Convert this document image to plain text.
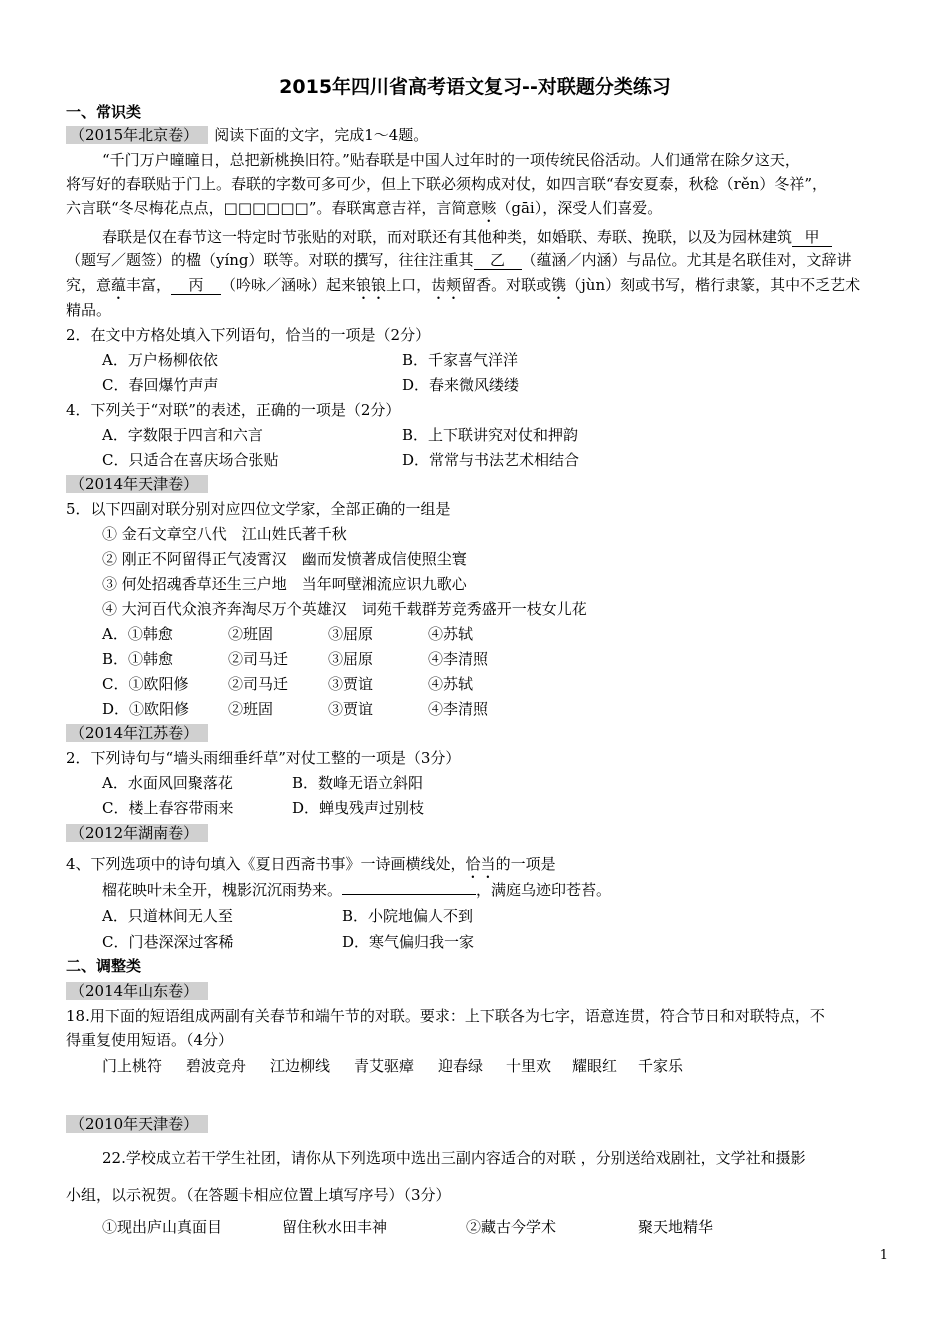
2015年四川省高考语文复习--对联题分类练习
一、常识类
（2015年北京卷） 阅读下面的文字，完成1～4题。
“千门万户曈曈日，总把新桃换旧符。”贴春联是中国人过年时的一项传统民俗活动。人们通常在除夕这天，
将写好的春联贴于门上。春联的字数可多可少，但上下联必须构成对仗，如四言联“春安夏泰，秋稔（rěn）冬祥”，
六言联“冬尽梅花点点，□□□□□□”。春联寓意吉祥，言简意赅（gāi），深受人们喜爱。
春联是仅在春节这一特定时节张贴的对联，而对联还有其他种类，如婚联、寿联、挽联，以及为园林建筑 甲
（题写／题签）的楹（yíng）联等。对联的撰写，往往注重其 乙 （蕴涵／内涵）与品位。尤其是名联佳对，文辞讲
究，意蕴丰富， 丙 （吟咏／涵咏）起来锒锒上口，齿颊留香。对联或镌（jùn）刻或书写，楷行隶篆，其中不乏艺术
精品。
2．在文中方格处填入下列语句，恰当的一项是（2分）
A．万户杨柳依依	B．千家喜气洋洋
C．春回爆竹声声	D．春来微风缕缕
4．下列关于“对联”的表述，正确的一项是（2分）
A．字数限于四言和六言	B．上下联讲究对仗和押韵
C．只适合在喜庆场合张贴	D．常常与书法艺术相结合
（2014年天津卷）
5．以下四副对联分别对应四位文学家，全部正确的一组是
① 金石文章空八代　江山姓氏著千秋
② 刚正不阿留得正气凌霄汉　幽而发愤著成信使照尘寰
③ 何处招魂香草还生三户地　当年呵壁湘流应识九歌心
④ 大河百代众浪齐奔淘尽万个英雄汉　词苑千载群芳竞秀盛开一枝女儿花
A．①韩愈	②班固	③屈原	④苏轼
B．①韩愈	②司马迁	③屈原	④李清照
C．①欧阳修	②司马迁	③贾谊	④苏轼
D．①欧阳修	②班固	③贾谊	④李清照
（2014年江苏卷）
2．下列诗句与“墙头雨细垂纤草”对仗工整的一项是（3分）
A．水面风回聚落花	B．数峰无语立斜阳
C．楼上春容带雨来	D．蝉曳残声过别枝
（2012年湖南卷）
4、下列选项中的诗句填入《夏日西斋书事》一诗画横线处，恰当的一项是
榴花映叶未全开，槐影沉沉雨势来。	，满庭乌迹印苍苔。
A．只道林间无人至	B．小院地偏人不到
C．门巷深深过客稀	D．寒气偏归我一家
二、调整类
（2014年山东卷）
18.用下面的短语组成两副有关春节和端午节的对联。要求：上下联各为七字，语意连贯，符合节日和对联特点，不
得重复使用短语。（4分）
门上桃符 碧波竞舟 江边柳线 青艾驱瘴 迎春绿 十里欢 耀眼红 千家乐
（2010年天津卷）
22.学校成立若干学生社团，请你从下列选项中选出三副内容适合的对联 ，分别送给戏剧社，文学社和摄影
小组，以示祝贺。（在答题卡相应位置上填写序号）（3分）
①现出庐山真面目	留住秋水田丰神	②藏古今学术	聚天地精华
1
